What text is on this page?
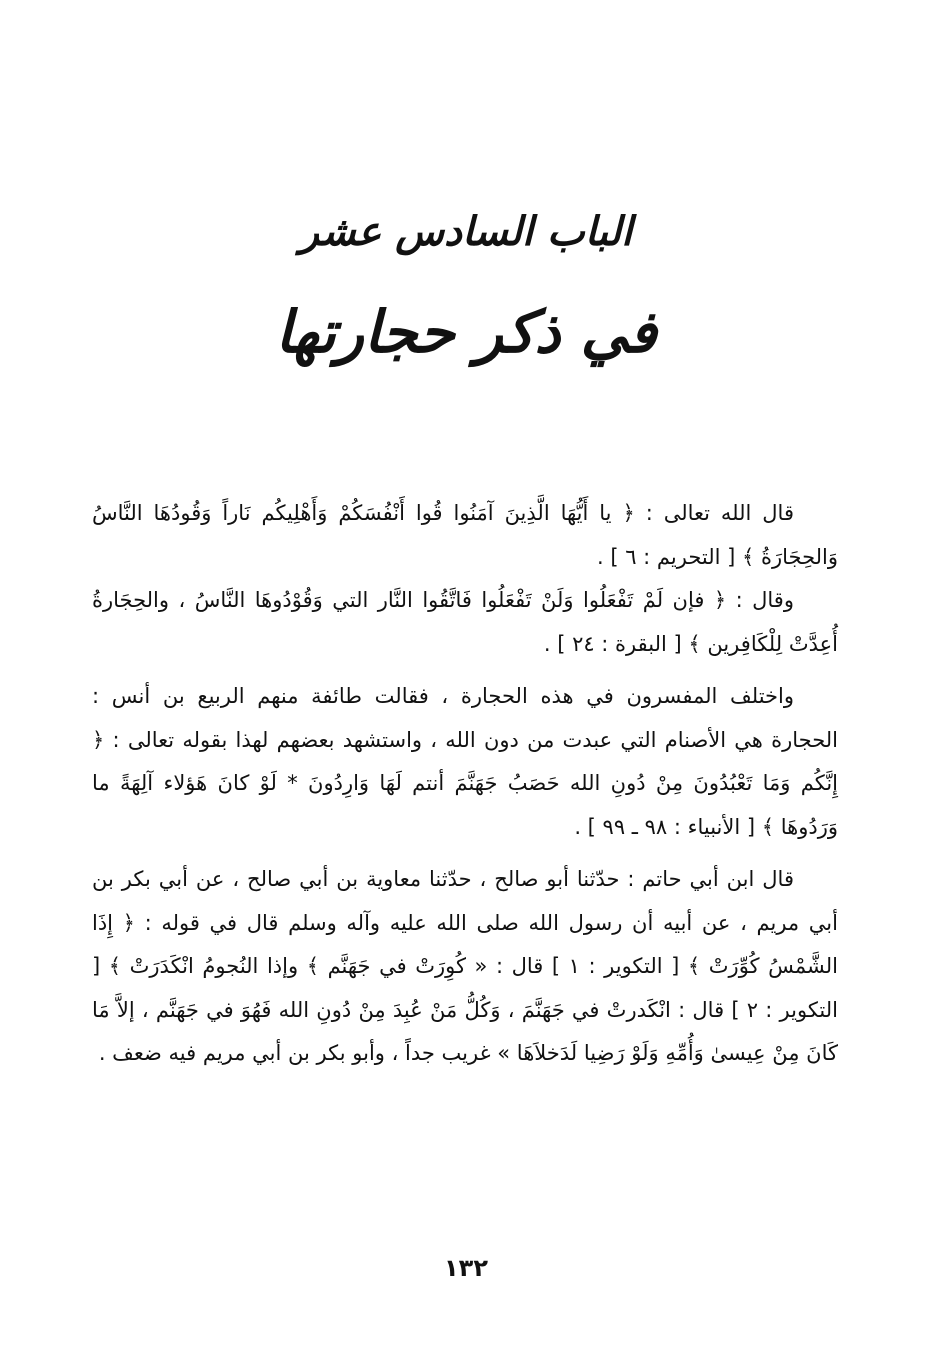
الباب السادس عشر
في ذكر حجارتها

قال الله تعالى : ﴿ يا أَيُّهَا الَّذِينَ آمَنُوا قُوا أَنْفُسَكُمْ وَأَهْلِيكُم نَاراً وَقُودُهَا النَّاسُ وَالحِجَارَةُ ﴾ [ التحريم : ٦ ] .

وقال : ﴿ فإن لَمْ تَفْعَلُوا وَلَنْ تَفْعَلُوا فَاتَّقُوا النَّار التي وَقُوْدُوهَا النَّاسُ ، والحِجَارةُ أُعِدَّتْ لِلْكَافِرين ﴾ [ البقرة : ٢٤ ] .

واختلف المفسرون في هذه الحجارة ، فقالت طائفة منهم الربيع بن أنس : الحجارة هي الأصنام التي عبدت من دون الله ، واستشهد بعضهم لهذا بقوله تعالى : ﴿ إِنَّكُم وَمَا تَعْبُدُونَ مِنْ دُونِ الله حَصَبُ جَهَنَّمَ أنتم لَهَا وَارِدُونَ * لَوْ كانَ هَؤلاء آلِهَةً ما وَرَدُوهَا ﴾ [ الأنبياء : ٩٨ ـ ٩٩ ] .

قال ابن أبي حاتم : حدّثنا أبو صالح ، حدّثنا معاوية بن أبي صالح ، عن أبي بكر بن أبي مريم ، عن أبيه أن رسول الله صلى الله عليه وآله وسلم قال في قوله : ﴿ إِذَا الشَّمْسُ كُوِّرَتْ ﴾ [ التكوير : ١ ] قال : « كُوِرَتْ في جَهَنَّم ﴾ وإذا النُجومُ انْكَدَرَتْ ﴾ [ التكوير : ٢ ] قال : انْكَدرتْ في جَهَنَّمَ ، وَكُلُّ مَنْ عُبِدَ مِنْ دُونِ الله فَهُوَ في جَهَنَّم ، إلاَّ مَا كَانَ مِنْ عِيسىٰ وَأُمِّهِ وَلَوْ رَضِيا لَدَخلاَهَا » غريب جداً ، وأبو بكر بن أبي مريم فيه ضعف .

١٣٢
